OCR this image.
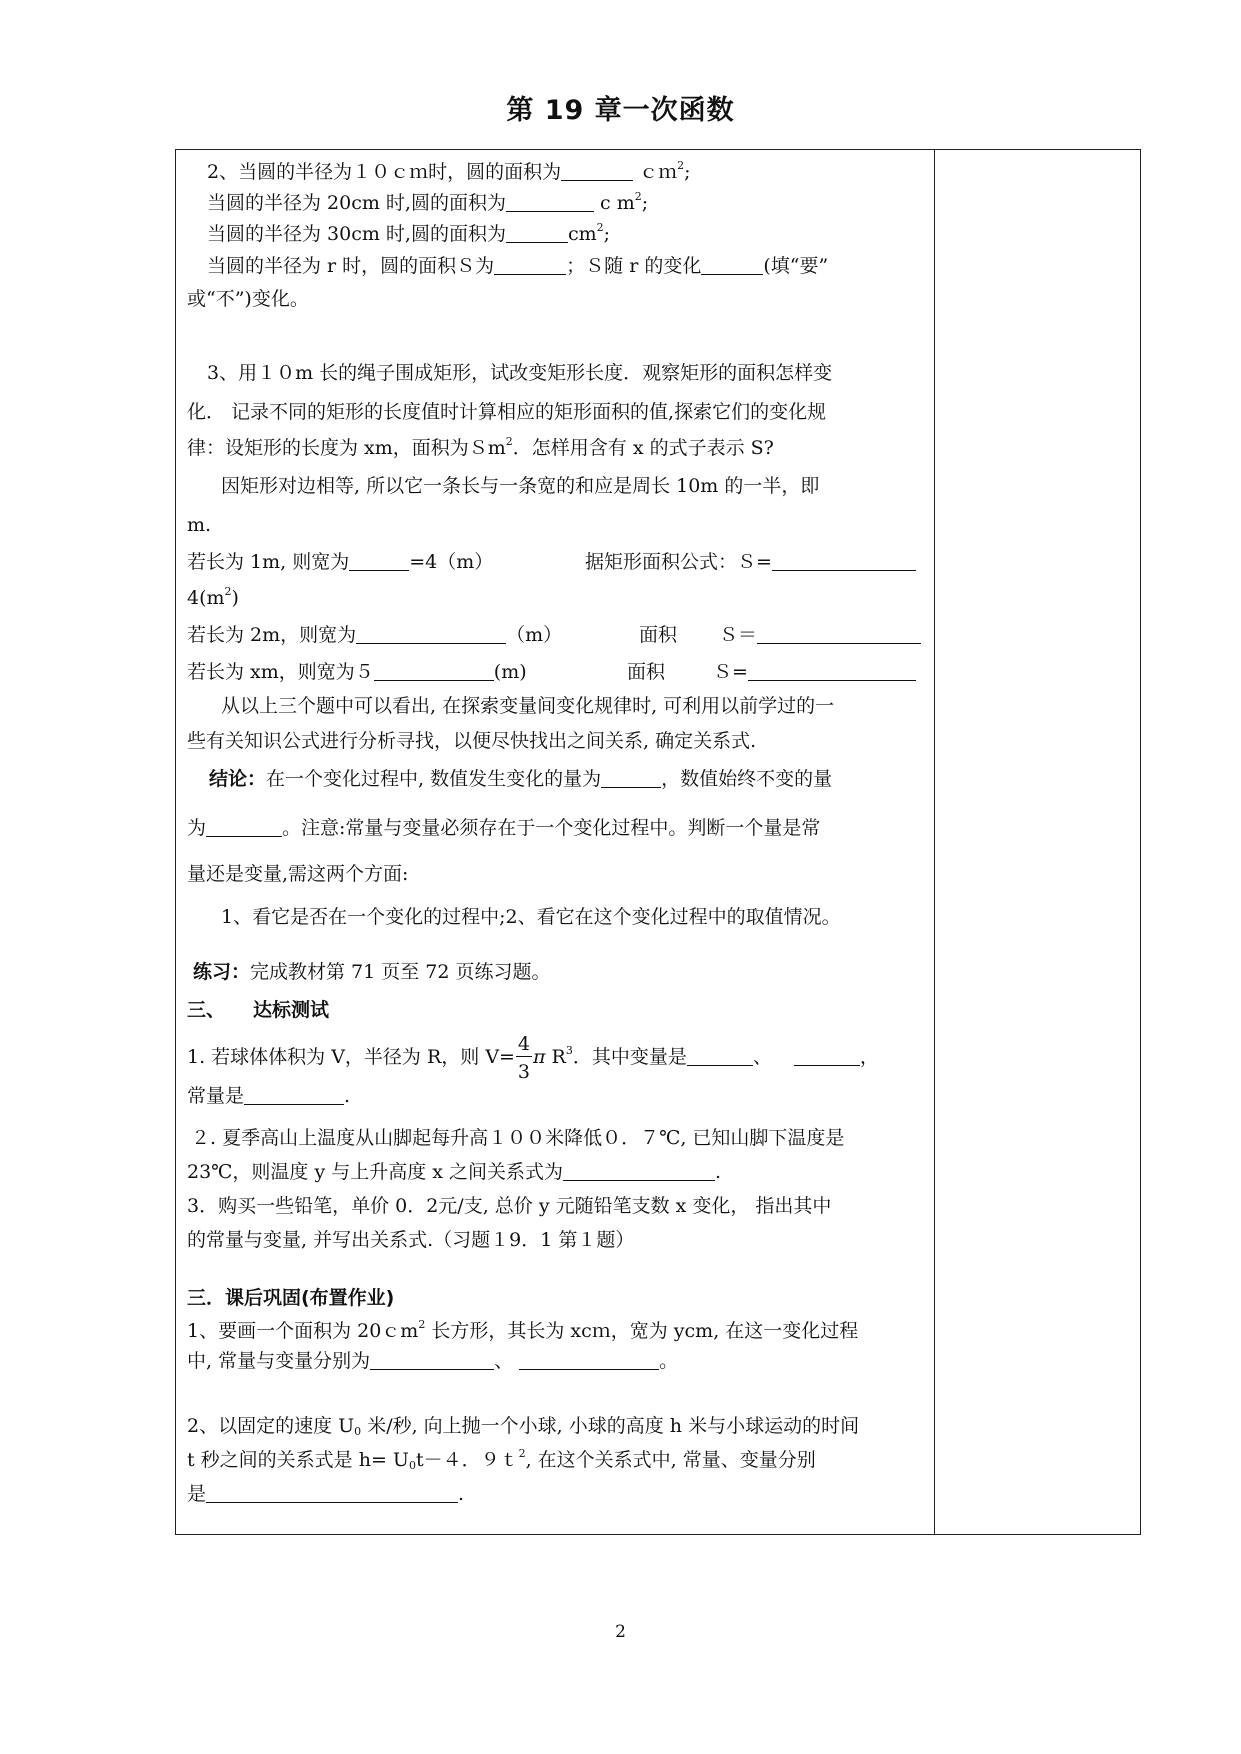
第 19 章一次函数
2、当圆的半径为１０ｃｍ时，圆的面积为	ｃｍ$^2$;
当圆的半径为 20cm 时,圆的面积为	c $m^2$;
当圆的半径为 30cm 时,圆的面积为	$cm^2$;
当圆的半径为 r 时，圆的面积Ｓ为	；Ｓ随 r 的变化	(填“要”
或“不”)变化。
3、用１０m 长的绳子围成矩形，试改变矩形长度．观察矩形的面积怎样变
化． 记录不同的矩形的长度值时计算相应的矩形面积的值,探索它们的变化规
律：设矩形的长度为 xm，面积为Ｓm$^2$．怎样用含有 x 的式子表示 S?
因矩形对边相等, 所以它一条长与一条宽的和应是周长 10m 的一半，即
m.
若长为 1m, 则宽为	=4（m）	据矩形面积公式：Ｓ=
$4(m^2)$
若长为 2m，则宽为	（m）	面积 Ｓ＝
若长为 xm，则宽为５	(m)	面积	Ｓ=
从以上三个题中可以看出, 在探索变量间变化规律时, 可利用以前学过的一
些有关知识公式进行分析寻找，以便尽快找出之间关系, 确定关系式.
结论：在一个变化过程中, 数值发生变化的量为	，数值始终不变的量
为	。注意:常量与变量必须存在于一个变化过程中。判断一个量是常
量还是变量,需这两个方面:
1、看它是否在一个变化的过程中;2、看它在这个变化过程中的取值情况。
练习：完成教材第 71 页至 72 页练习题。
三、 达标测试
1. 若球体体积为 V，半径为 R，则 $V= \frac{4}{3}$ π $R^3$．其中变量是	、	，
常量是	.
２. 夏季高山上温度从山脚起每升高１００米降低０．７℃, 已知山脚下温度是
23℃，则温度 y 与上升高度 x 之间关系式为	.
3．购买一些铅笔，单价 0．2元/支, 总价 y 元随铅笔支数 x 变化， 指出其中
的常量与变量, 并写出关系式.（习题１9．1 第１题）
三．课后巩固(布置作业)
1、要画一个面积为 20ｃm$^2$ 长方形，其长为 xcｍ，宽为 ycm, 在这一变化过程
中, 常量与变量分别为	、	。
2、以固定的速度 $U_0$ 米/秒, 向上抛一个小球, 小球的高度 h 米与小球运动的时间
t 秒之间的关系式是 $h= U_0t-4$．９ｔ$^2$, 在这个关系式中, 常量、变量分别
是	.
2
